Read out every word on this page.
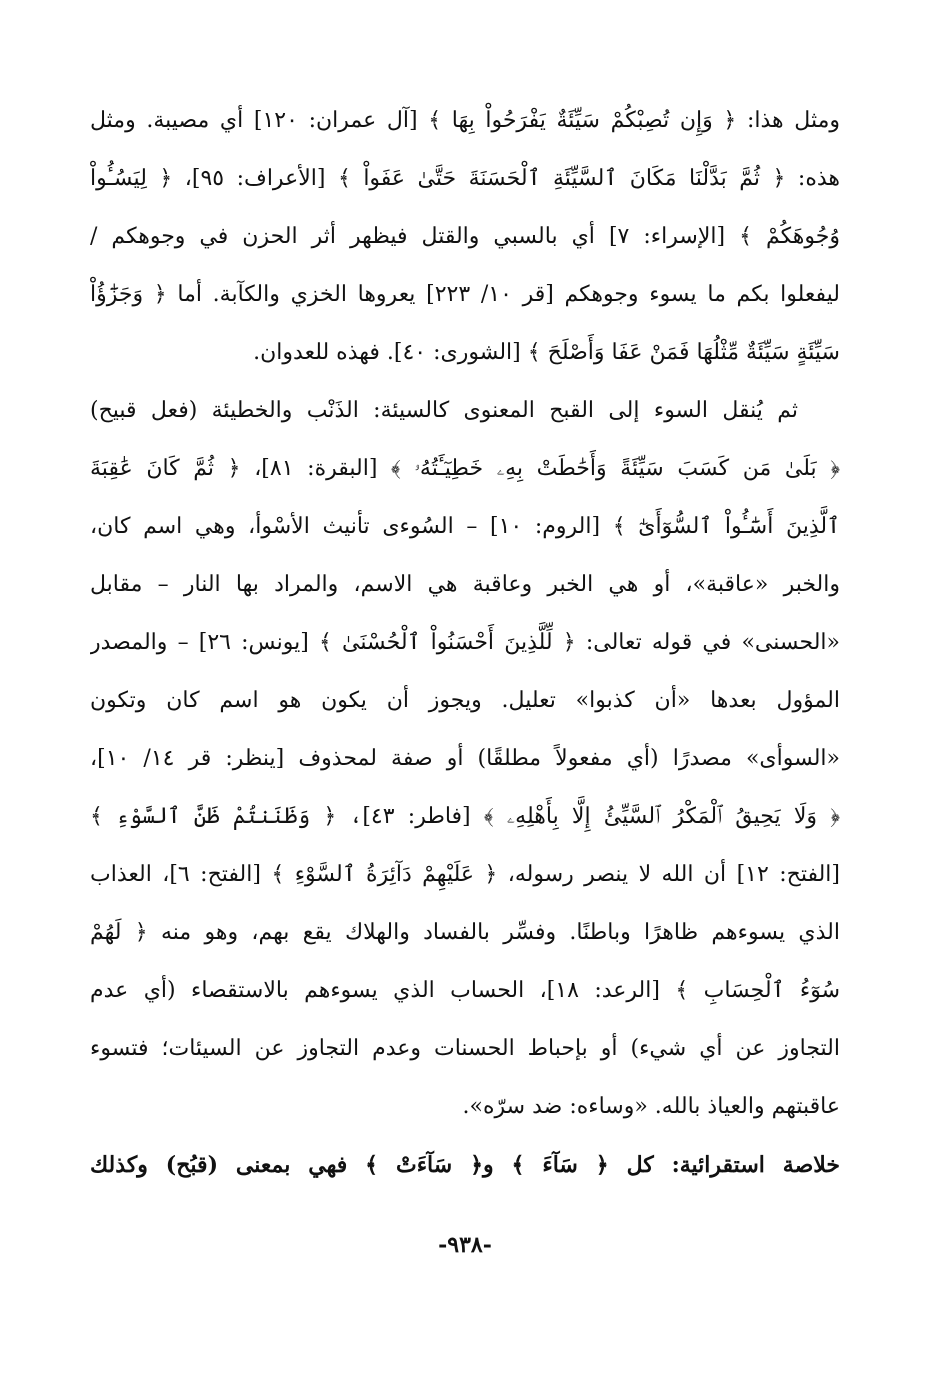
ومثل هذا: ﴿ وَإِن تُصِبْكُمْ سَيِّئَةٌ يَفْرَحُواْ بِهَا ﴾ [آل عمران: ١٢٠] أي مصيبة. ومثل
هذه: ﴿ ثُمَّ بَدَّلْنَا مَكَانَ ٱلسَّيِّئَةِ ٱلْحَسَنَةَ حَتَّىٰ عَفَواْ ﴾ [الأعراف: ٩٥]، ﴿ لِيَسُـُٔواْ
وُجُوهَكُمْ ﴾ [الإسراء: ٧] أي بالسبي والقتل فيظهر أثر الحزن في وجوهكم /
ليفعلوا بكم ما يسوء وجوهكم [قر ١٠/ ٢٢٣] يعروها الخزي والكآبة. أما ﴿ وَجَزَٰٓؤُاْ
سَيِّئَةٍ سَيِّئَةٌ مِّثْلُهَا فَمَنْ عَفَا وَأَصْلَحَ ﴾ [الشورى: ٤٠]. فهذه للعدوان.
ثم يُنقل السوء إلى القبح المعنوى كالسيئة: الذَنْب والخطيئة (فعل قبيح)
﴿ بَلَىٰ مَن كَسَبَ سَيِّئَةً وَأَحَٰطَتْ بِهِۦ خَطِيٓـَٔتُهُۥ ﴾ [البقرة: ٨١]، ﴿ ثُمَّ كَانَ عَٰقِبَةَ
ٱلَّذِينَ أَسَٰٓـُٔواْ ٱلسُّوٓأَىٰٓ ﴾ [الروم: ١٠] – السُوءى تأنيث الأسْوأ، وهي اسم كان،
والخبر «عاقبة»، أو هي الخبر وعاقبة هي الاسم، والمراد بها النار – مقابل
«الحسنى» في قوله تعالى: ﴿ لِّلَّذِينَ أَحْسَنُواْ ٱلْحُسْنَىٰ ﴾ [يونس: ٢٦] – والمصدر
المؤول بعدها «أن كذبوا» تعليل. ويجوز أن يكون هو اسم كان وتكون
«السوأى» مصدرًا (أي مفعولاً مطلقًا) أو صفة لمحذوف [ينظر: قر ١٤/ ١٠]،
﴿ وَلَا يَحِيقُ ٱلْمَكْرُ ٱلسَّيِّئُ إِلَّا بِأَهْلِهِۦ ﴾ [فاطر: ٤٣]، ﴿ وَظَنَنتُمْ ظَنَّ ٱلسَّوْءِ ﴾
[الفتح: ١٢] أن الله لا ينصر رسوله، ﴿ عَلَيْهِمْ دَآئِرَةُ ٱلسَّوْءِ ﴾ [الفتح: ٦]، العذاب
الذي يسوءهم ظاهرًا وباطنًا. وفسِّر بالفساد والهلاك يقع بهم، وهو منه ﴿ لَهُمْ
سُوٓءُ ٱلْحِسَابِ ﴾ [الرعد: ١٨]، الحساب الذي يسوءهم بالاستقصاء (أي عدم
التجاوز عن أي شيء) أو بإحباط الحسنات وعدم التجاوز عن السيئات؛ فتسوء
عاقبتهم والعياذ بالله. «وساءه: ضد سرّه».
خلاصة استقرائية: كل ﴿ سَآءَ ﴾ و﴿ سَآءَتْ ﴾ فهي بمعنى (قبُح) وكذلك
-٩٣٨-
